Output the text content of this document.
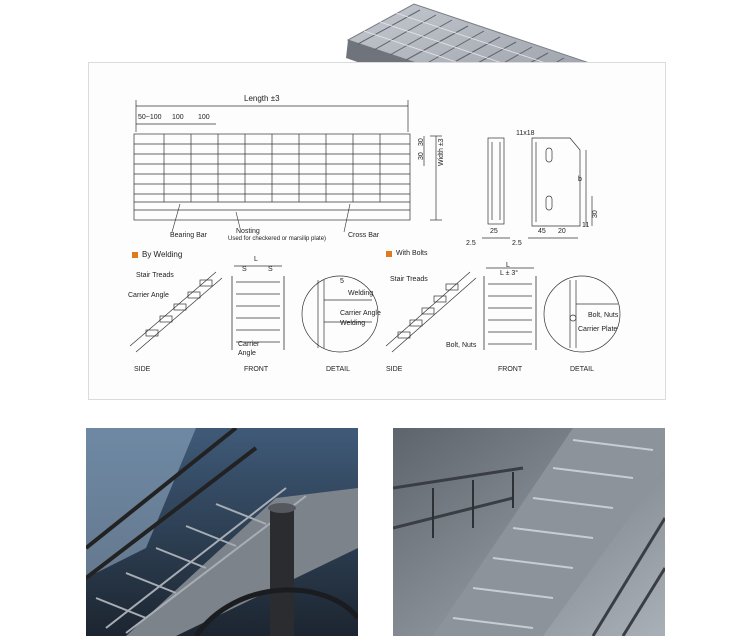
Length ±3
50~100 100 100
Width ±3
30
30
Bearing Bar
Nosting
Used for checkered or marsilip plate)	Cross Bar
11x18
25
2.5	2.5
45 20
11
b
30
By Welding
Stair Treads
Carrier Angle
SIDE
L
S	S
Carrier Angle
FRONT
5
Welding
Carrier Angle
Welding
DETAIL
With Bolts
Stair Treads
Bolt, Nuts
SIDE
L
L ± 3°
FRONT
Bolt, Nuts
Carrier Plate
DETAIL
